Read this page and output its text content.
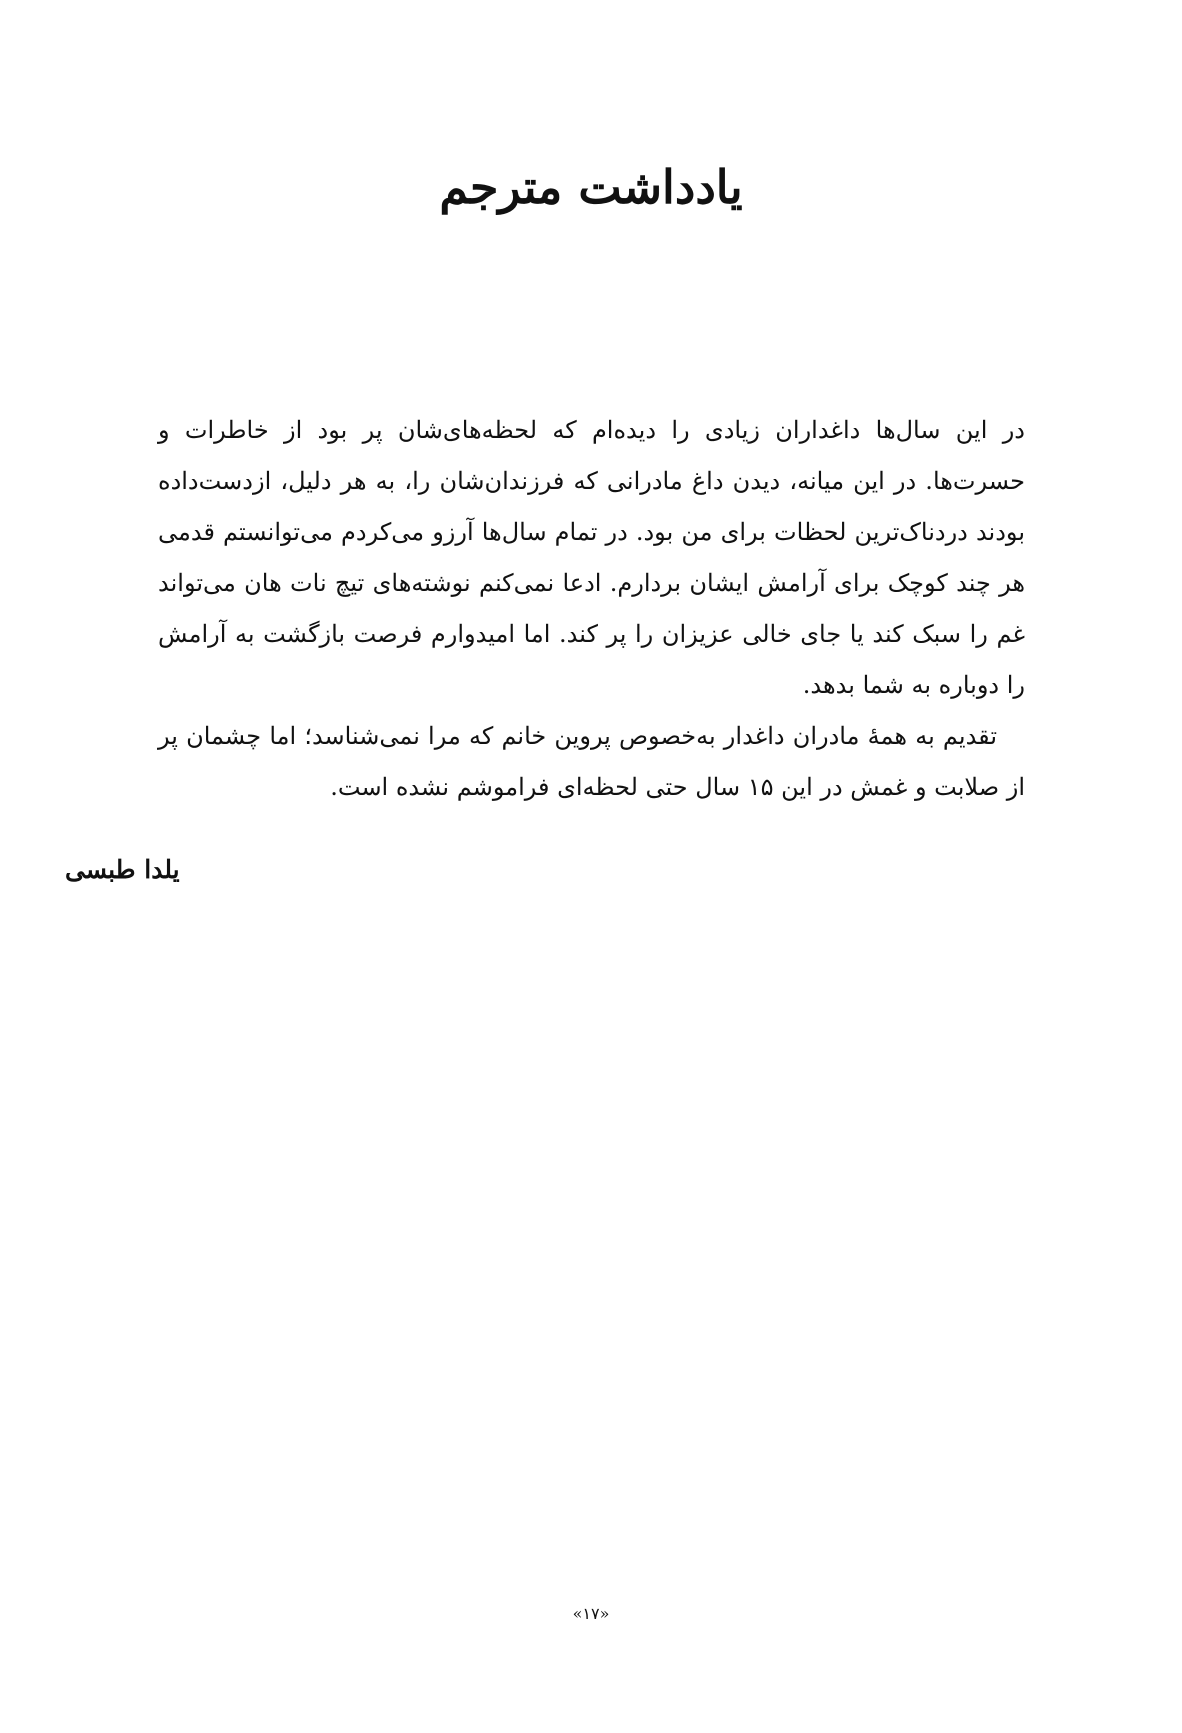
یادداشت مترجم

در این سال‌ها داغداران زیادی را دیده‌ام که لحظه‌های‌شان پر بود از خاطرات و حسرت‌ها. در این میانه، دیدن داغ مادرانی که فرزندان‌شان را، به هر دلیل، ازدست‌داده بودند دردناک‌ترین لحظات برای من بود. در تمام سال‌ها آرزو می‌کردم می‌توانستم قدمی هر چند کوچک برای آرامش ایشان بردارم. ادعا نمی‌کنم نوشته‌های تیچ نات هان می‌تواند غم را سبک کند یا جای خالی عزیزان را پر کند. اما امیدوارم فرصت بازگشت به آرامش را دوباره به شما بدهد.

تقدیم به همهٔ مادران داغدار به‌خصوص پروین خانم که مرا نمی‌شناسد؛ اما چشمان پر از صلابت و غمش در این ۱۵ سال حتی لحظه‌ای فراموشم نشده است.

یلدا طبسی

«۱۷»
